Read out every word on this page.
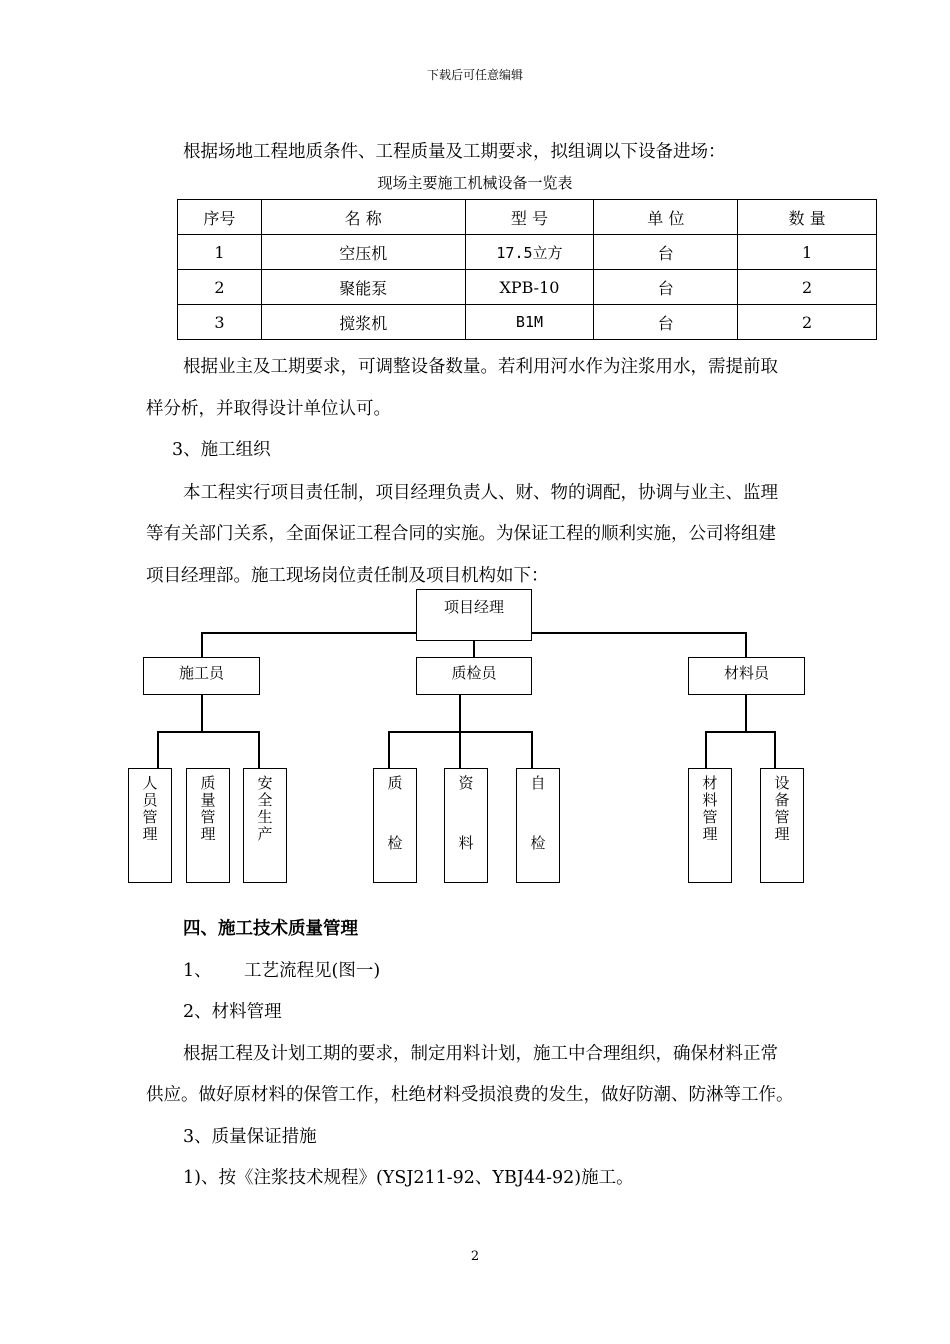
下载后可任意编辑
根据场地工程地质条件、工程质量及工期要求，拟组调以下设备进场：
现场主要施工机械设备一览表
序号	名 称	型 号	单 位	数 量
1	空压机	17.5立方	台	1
2	聚能泵	XPB-10	台	2
3	搅浆机	B1M	台	2
根据业主及工期要求，可调整设备数量。若利用河水作为注浆用水，需提前取
样分析，并取得设计单位认可。
3、施工组织
本工程实行项目责任制，项目经理负责人、财、物的调配，协调与业主、监理
等有关部门关系，全面保证工程合同的实施。为保证工程的顺利实施，公司将组建
项目经理部。施工现场岗位责任制及项目机构如下：
项目经理
施工员	质检员	材料员
人
员
管
理
质
量
管
理
安
全
生
产
质
检
资
料
自
检
材
料
管
理
设
备
管
理
四、施工技术质量管理
1、 工艺流程见(图一)
2、材料管理
根据工程及计划工期的要求，制定用料计划，施工中合理组织，确保材料正常
供应。做好原材料的保管工作，杜绝材料受损浪费的发生，做好防潮、防淋等工作。
3、质量保证措施
1)、按《注浆技术规程》(YSJ211-92、YBJ44-92)施工。
2
